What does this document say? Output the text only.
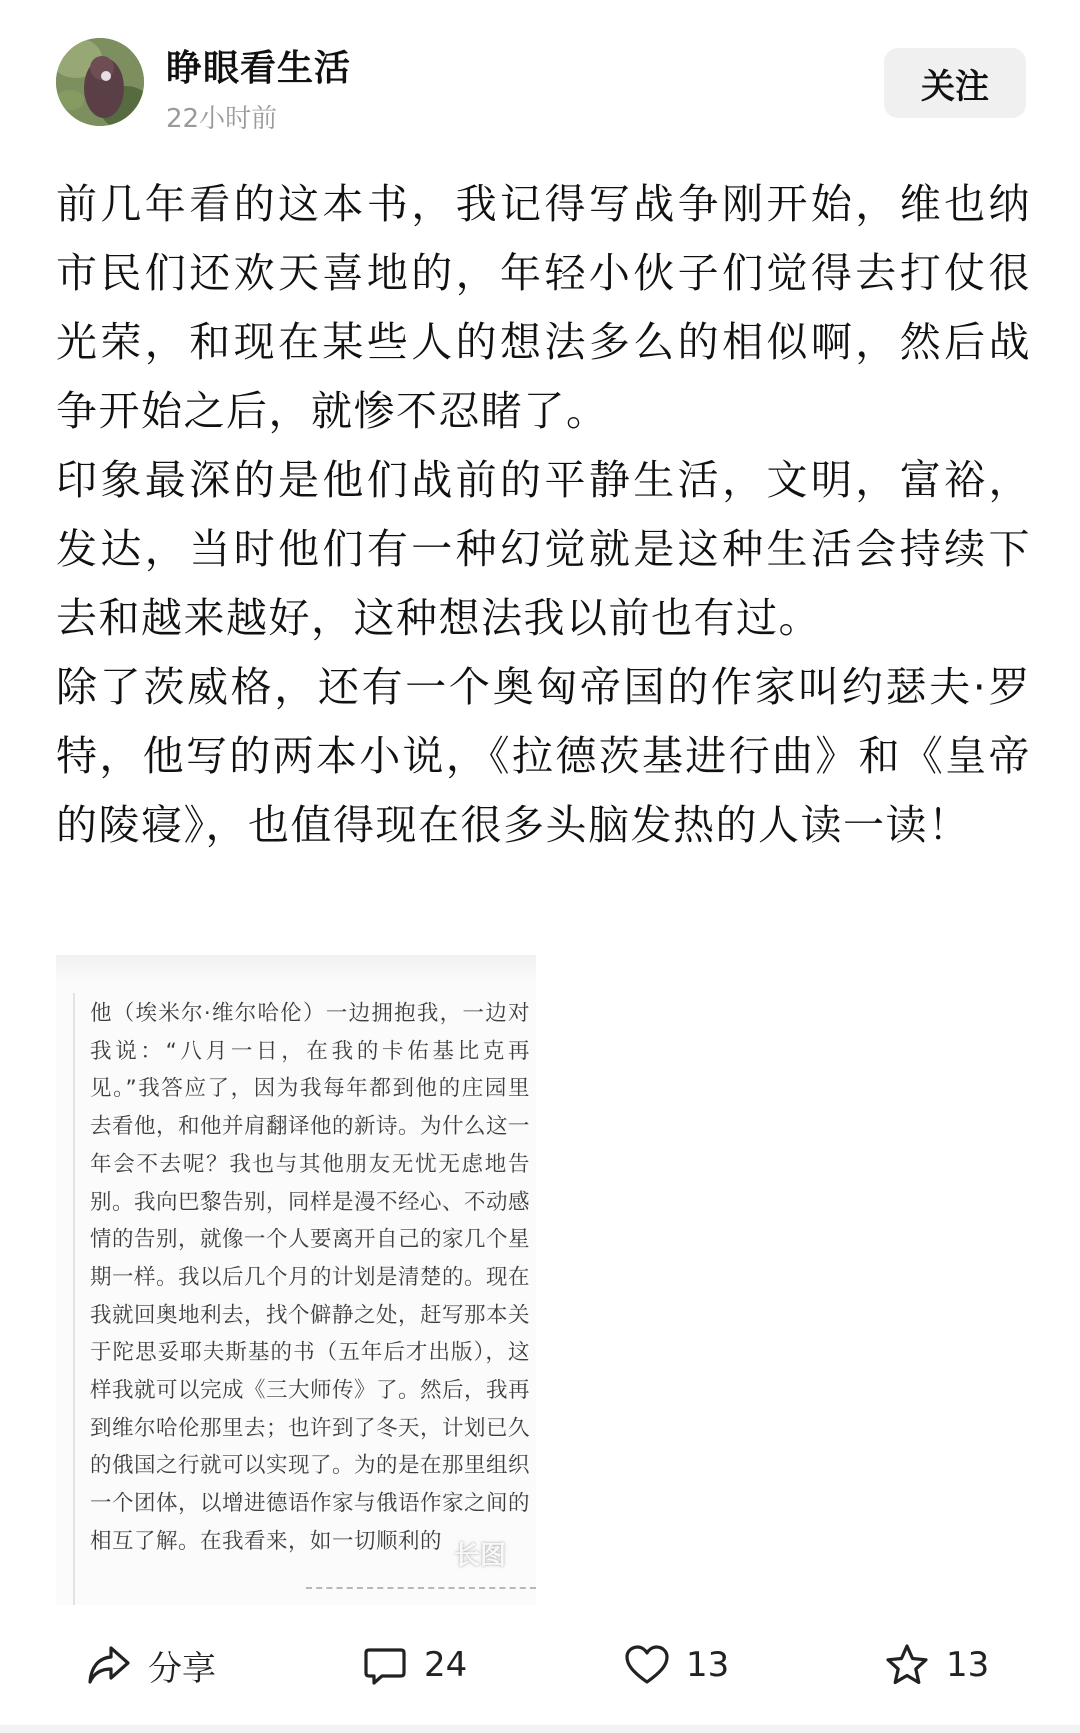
睁眼看生活
22小时前
关注

前几年看的这本书，我记得写战争刚开始，维也纳市民们还欢天喜地的，年轻小伙子们觉得去打仗很光荣，和现在某些人的想法多么的相似啊，然后战争开始之后，就惨不忍睹了。

印象最深的是他们战前的平静生活，文明，富裕，发达，当时他们有一种幻觉就是这种生活会持续下去和越来越好，这种想法我以前也有过。

除了茨威格，还有一个奥匈帝国的作家叫约瑟夫·罗特，他写的两本小说，《拉德茨基进行曲》和《皇帝的陵寝》，也值得现在很多头脑发热的人读一读！

他（埃米尔·维尔哈伦）一边拥抱我，一边对我说：“八月一日，在我的卡佑基比克再见。”我答应了，因为我每年都到他的庄园里去看他，和他并肩翻译他的新诗。为什么这一年会不去呢？我也与其他朋友无忧无虑地告别。我向巴黎告别，同样是漫不经心、不动感情的告别，就像一个人要离开自己的家几个星期一样。我以后几个月的计划是清楚的。现在我就回奥地利去，找个僻静之处，赶写那本关于陀思妥耶夫斯基的书（五年后才出版），这样我就可以完成《三大师传》了。然后，我再到维尔哈伦那里去；也许到了冬天，计划已久的俄国之行就可以实现了。为的是在那里组织一个团体，以增进德语作家与俄语作家之间的相互了解。在我看来，如一切顺利的 长图
分享	24	13	13
